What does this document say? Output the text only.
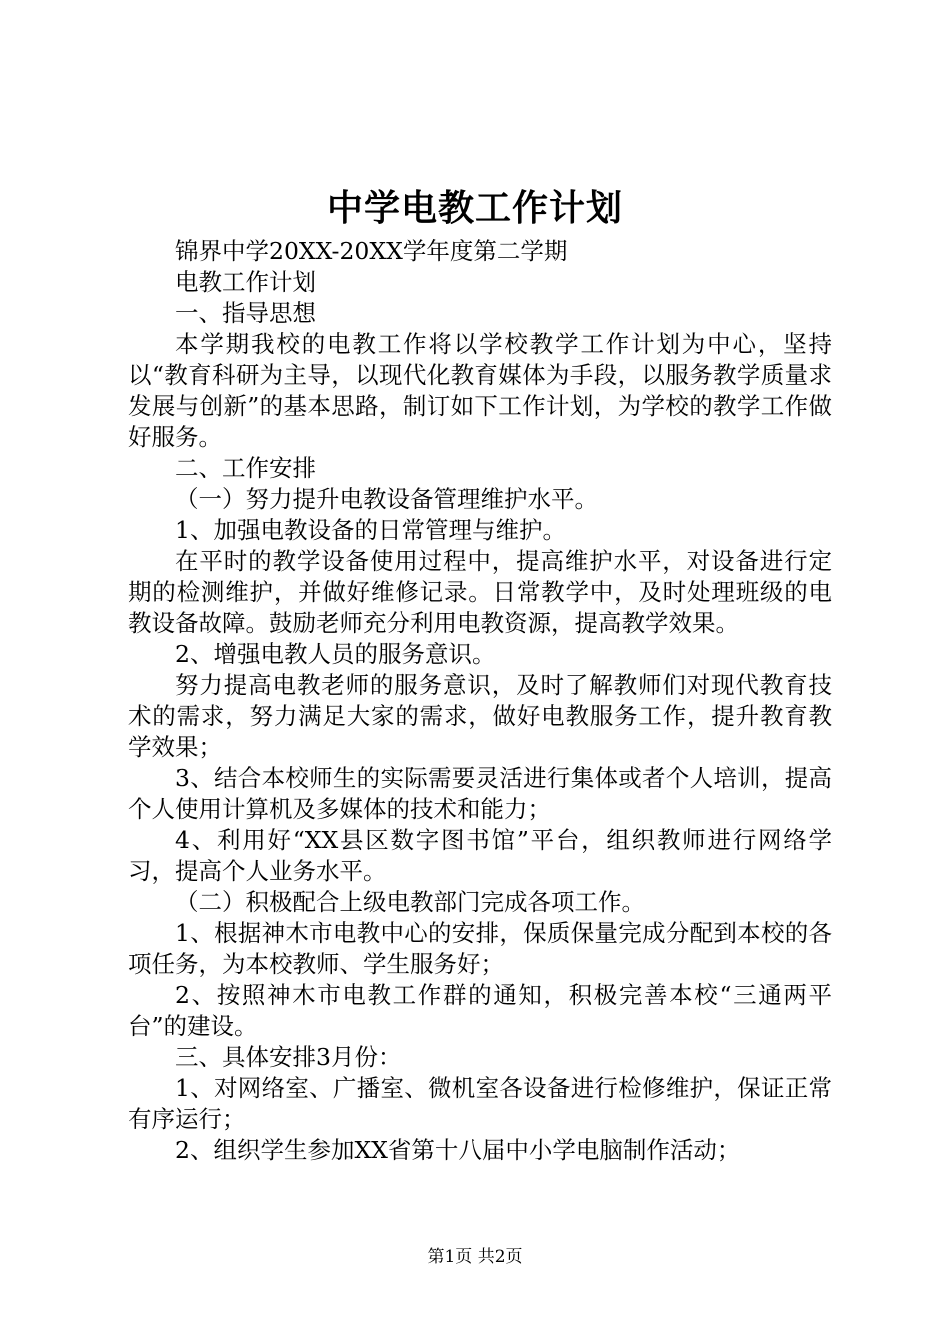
中学电教工作计划

锦界中学20XX-20XX学年度第二学期

电教工作计划

一、指导思想

本学期我校的电教工作将以学校教学工作计划为中心，坚持以“教育科研为主导，以现代化教育媒体为手段，以服务教学质量求发展与创新”的基本思路，制订如下工作计划，为学校的教学工作做好服务。

二、工作安排

（一）努力提升电教设备管理维护水平。

1、加强电教设备的日常管理与维护。

在平时的教学设备使用过程中，提高维护水平，对设备进行定期的检测维护，并做好维修记录。日常教学中，及时处理班级的电教设备故障。鼓励老师充分利用电教资源，提高教学效果。

2、增强电教人员的服务意识。

努力提高电教老师的服务意识，及时了解教师们对现代教育技术的需求，努力满足大家的需求，做好电教服务工作，提升教育教学效果；

3、结合本校师生的实际需要灵活进行集体或者个人培训，提高个人使用计算机及多媒体的技术和能力；

4、利用好“XX县区数字图书馆”平台，组织教师进行网络学习，提高个人业务水平。

（二）积极配合上级电教部门完成各项工作。

1、根据神木市电教中心的安排，保质保量完成分配到本校的各项任务，为本校教师、学生服务好；

2、按照神木市电教工作群的通知，积极完善本校“三通两平台”的建设。

三、具体安排3月份：

1、对网络室、广播室、微机室各设备进行检修维护，保证正常有序运行；

2、组织学生参加XX省第十八届中小学电脑制作活动；

第1页 共2页
